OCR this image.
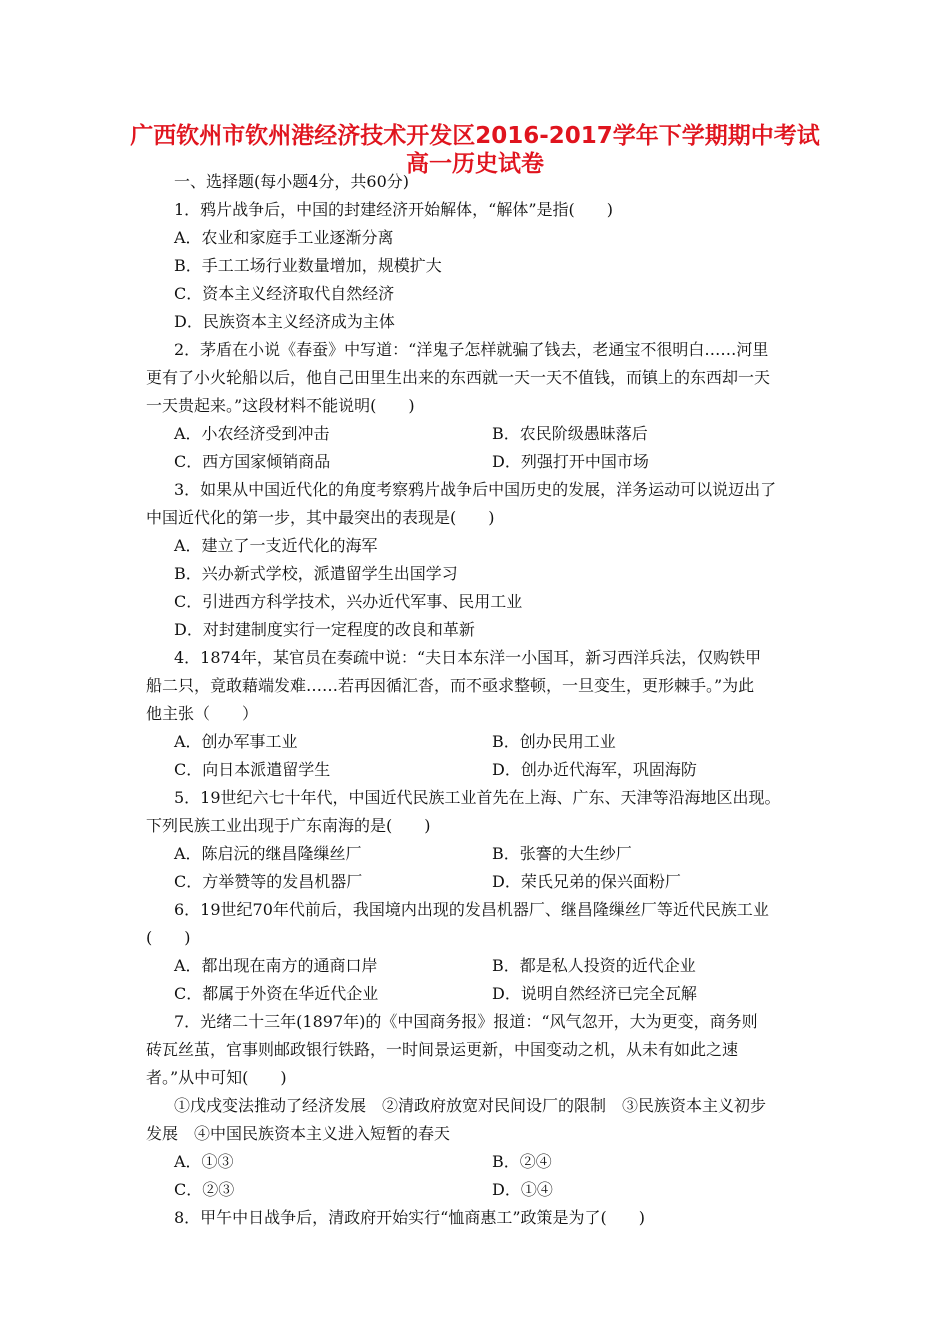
广西钦州市钦州港经济技术开发区2016-2017学年下学期期中考试
高一历史试卷
一、选择题(每小题4分，共60分)
1．鸦片战争后，中国的封建经济开始解体，“解体”是指(　　)
A．农业和家庭手工业逐渐分离
B．手工工场行业数量增加，规模扩大
C．资本主义经济取代自然经济
D．民族资本主义经济成为主体
2．茅盾在小说《春蚕》中写道：“洋鬼子怎样就骗了钱去，老通宝不很明白……河里
更有了小火轮船以后，他自己田里生出来的东西就一天一天不值钱，而镇上的东西却一天
一天贵起来。”这段材料不能说明(　　)
A．小农经济受到冲击	B．农民阶级愚昧落后
C．西方国家倾销商品	D．列强打开中国市场
3．如果从中国近代化的角度考察鸦片战争后中国历史的发展，洋务运动可以说迈出了
中国近代化的第一步，其中最突出的表现是(　　)
A．建立了一支近代化的海军
B．兴办新式学校，派遣留学生出国学习
C．引进西方科学技术，兴办近代军事、民用工业
D．对封建制度实行一定程度的改良和革新
4．1874年，某官员在奏疏中说：“夫日本东洋一小国耳，新习西洋兵法，仅购铁甲
船二只，竟敢藉端发难……若再因循汇沓，而不亟求整顿，一旦变生，更形棘手。”为此
他主张（　　）
A．创办军事工业	B．创办民用工业
C．向日本派遣留学生	D．创办近代海军，巩固海防
5．19世纪六七十年代，中国近代民族工业首先在上海、广东、天津等沿海地区出现。
下列民族工业出现于广东南海的是(　　)
A．陈启沅的继昌隆缫丝厂	B．张謇的大生纱厂
C．方举赞等的发昌机器厂	D．荣氏兄弟的保兴面粉厂
6．19世纪70年代前后，我国境内出现的发昌机器厂、继昌隆缫丝厂等近代民族工业
(　　)
A．都出现在南方的通商口岸	B．都是私人投资的近代企业
C．都属于外资在华近代企业	D．说明自然经济已完全瓦解
7．光绪二十三年(1897年)的《中国商务报》报道：“风气忽开，大为更变，商务则
砖瓦丝茧，官事则邮政银行铁路，一时间景运更新，中国变动之机，从未有如此之速
者。”从中可知(　　)
①戊戌变法推动了经济发展　②清政府放宽对民间设厂的限制　③民族资本主义初步
发展　④中国民族资本主义进入短暂的春天
A．①③	B．②④
C．②③	D．①④
8．甲午中日战争后，清政府开始实行“恤商惠工”政策是为了(　　)
